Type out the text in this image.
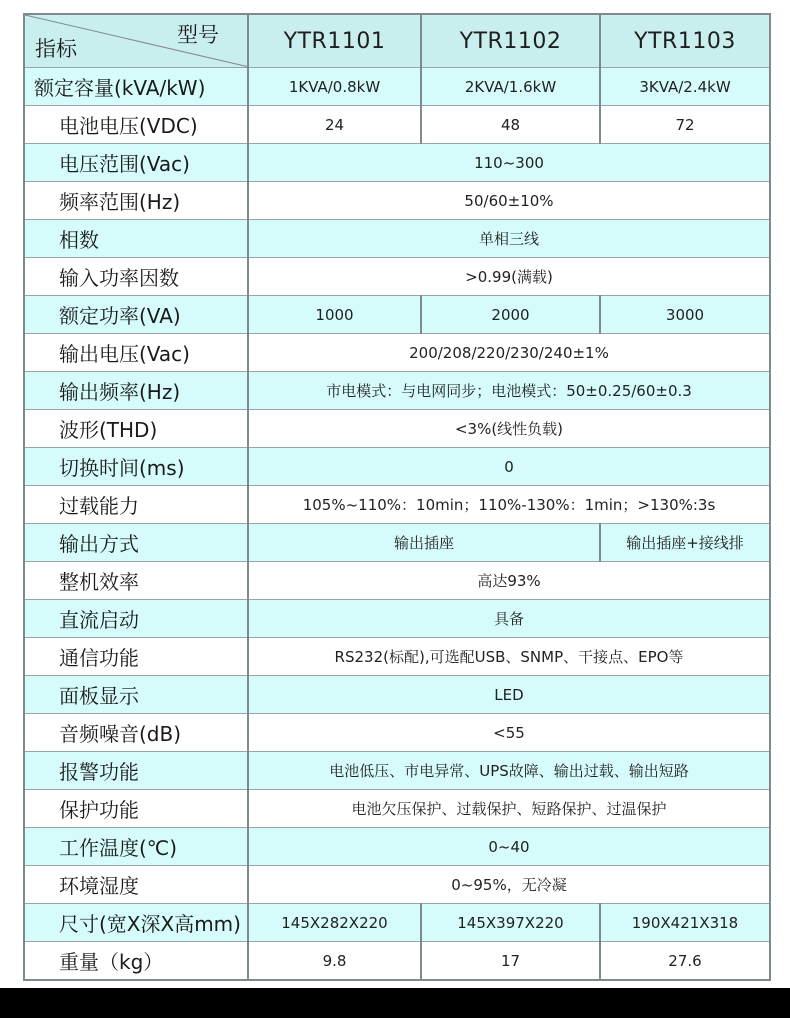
型号
指标	YTR1101	YTR1102	YTR1103
额定容量(kVA/kW)	1KVA/0.8kW	2KVA/1.6kW	3KVA/2.4kW
电池电压(VDC)	24	48	72
电压范围(Vac)	110~300		
频率范围(Hz)	50/60±10%		
相数	单相三线		
输入功率因数	>0.99(满载)		
额定功率(VA)	1000	2000	3000
输出电压(Vac)	200/208/220/230/240±1%		
输出频率(Hz)	市电模式：与电网同步；电池模式：50±0.25/60±0.3		
波形(THD)	<3%(线性负载)		
切换时间(ms)	0		
过载能力	105%~110%：10min；110%-130%：1min；>130%:3s		
输出方式	输出插座		输出插座+接线排
整机效率	高达93%		
直流启动	具备		
通信功能	RS232(标配),可选配USB、SNMP、干接点、EPO等		
面板显示	LED		
音频噪音(dB)	<55		
报警功能	电池低压、市电异常、UPS故障、输出过载、输出短路		
保护功能	电池欠压保护、过载保护、短路保护、过温保护		
工作温度(℃)	0~40		
环境湿度	0~95%，无冷凝		
尺寸(宽X深X高mm)	145X282X220	145X397X220	190X421X318
重量（kg）	9.8	17	27.6
